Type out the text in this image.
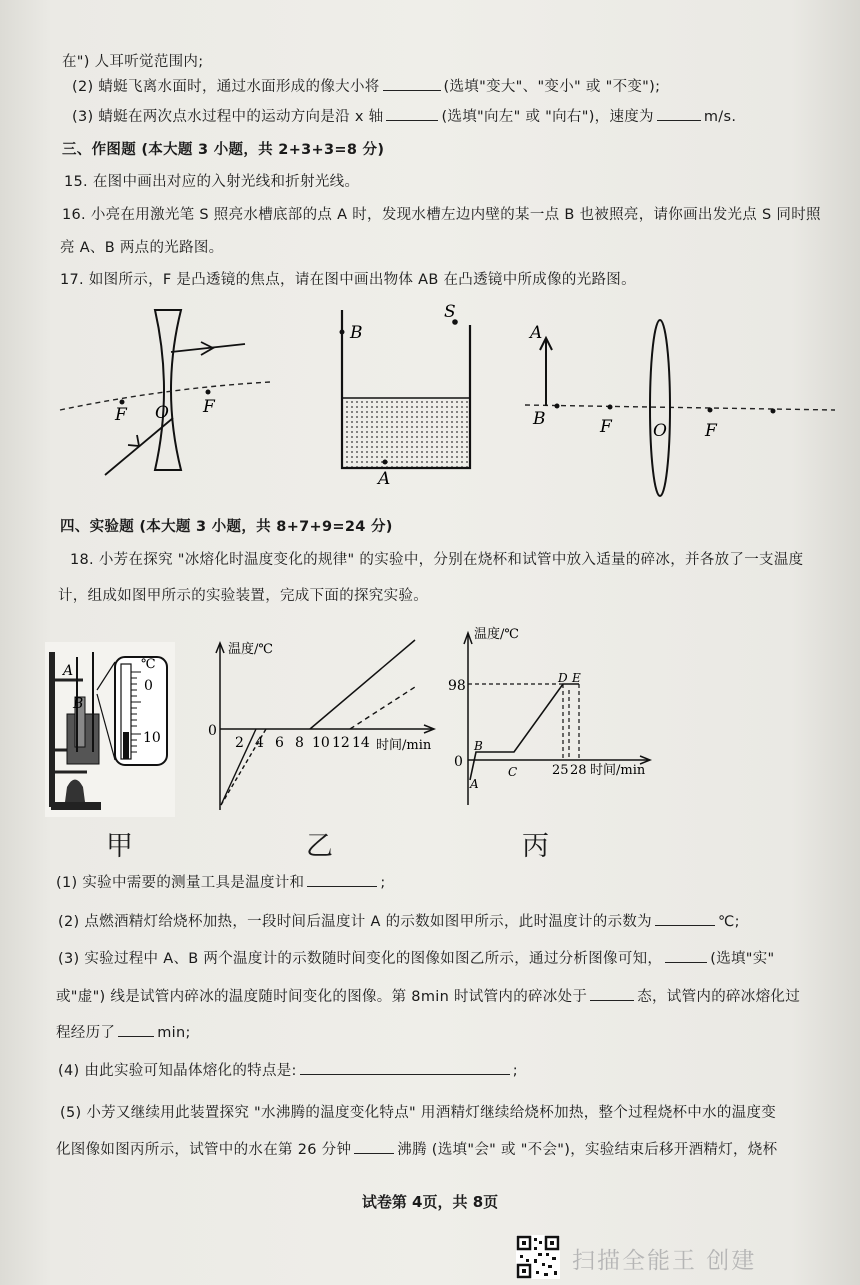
在") 人耳听觉范围内;
(2) 蜻蜓飞离水面时，通过水面形成的像大小将	(选填"变大"、"变小" 或 "不变");
(3) 蜻蜓在两次点水过程中的运动方向是沿 x 轴	(选填"向左" 或 "向右")，速度为	m/s.
三、作图题 (本大题 3 小题，共 2+3+3=8 分)
15. 在图中画出对应的入射光线和折射光线。
16. 小亮在用激光笔 S 照亮水槽底部的点 A 时，发现水槽左边内壁的某一点 B 也被照亮，请你画出发光点 S 同时照
亮 A、B 两点的光路图。
17. 如图所示，F 是凸透镜的焦点，请在图中画出物体 AB 在凸透镜中所成像的光路图。
F O F
B
S
A
A
B	F O F
四、实验题 (本大题 3 小题，共 8+7+9=24 分)
18. 小芳在探究 "冰熔化时温度变化的规律" 的实验中，分别在烧杯和试管中放入适量的碎冰，并各放了一支温度
计，组成如图甲所示的实验装置，完成下面的探究实验。
A
B
℃
0
10
甲
温度/℃
0
2 4 6 8 10 12 14 时间/min
乙
温度/℃
98
0
A
B
C
D E
25 28 时间/min
丙
(1) 实验中需要的测量工具是温度计和	;
(2) 点燃酒精灯给烧杯加热，一段时间后温度计 A 的示数如图甲所示，此时温度计的示数为	℃;
(3) 实验过程中 A、B 两个温度计的示数随时间变化的图像如图乙所示，通过分析图像可知，	(选填"实"
或"虚") 线是试管内碎冰的温度随时间变化的图像。第 8min 时试管内的碎冰处于	态，试管内的碎冰熔化过
程经历了	min;
(4) 由此实验可知晶体熔化的特点是:	;
(5) 小芳又继续用此装置探究 "水沸腾的温度变化特点" 用酒精灯继续给烧杯加热，整个过程烧杯中水的温度变
化图像如图丙所示，试管中的水在第 26 分钟	沸腾 (选填"会" 或 "不会")，实验结束后移开酒精灯，烧杯
试卷第 4页，共 8页
扫描全能王 创建
